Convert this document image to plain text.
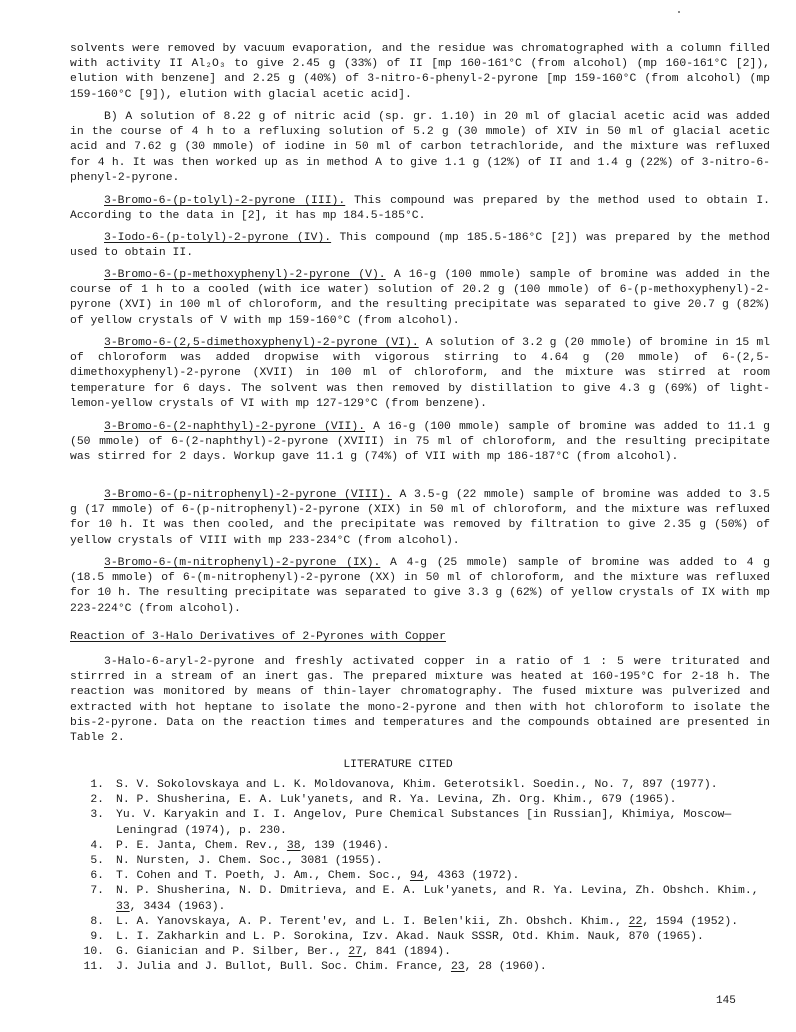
solvents were removed by vacuum evaporation, and the residue was chromatographed with a column filled with activity II Al₂O₃ to give 2.45 g (33%) of II [mp 160-161°C (from alcohol) (mp 160-161°C [2]), elution with benzene] and 2.25 g (40%) of 3-nitro-6-phenyl-2-pyrone [mp 159-160°C (from alcohol) (mp 159-160°C [9]), elution with glacial acetic acid].

B) A solution of 8.22 g of nitric acid (sp. gr. 1.10) in 20 ml of glacial acetic acid was added in the course of 4 h to a refluxing solution of 5.2 g (30 mmole) of XIV in 50 ml of glacial acetic acid and 7.62 g (30 mmole) of iodine in 50 ml of carbon tetrachloride, and the mixture was refluxed for 4 h. It was then worked up as in method A to give 1.1 g (12%) of II and 1.4 g (22%) of 3-nitro-6-phenyl-2-pyrone.

3-Bromo-6-(p-tolyl)-2-pyrone (III). This compound was prepared by the method used to obtain I. According to the data in [2], it has mp 184.5-185°C.

3-Iodo-6-(p-tolyl)-2-pyrone (IV). This compound (mp 185.5-186°C [2]) was prepared by the method used to obtain II.

3-Bromo-6-(p-methoxyphenyl)-2-pyrone (V). A 16-g (100 mmole) sample of bromine was added in the course of 1 h to a cooled (with ice water) solution of 20.2 g (100 mmole) of 6-(p-methoxyphenyl)-2-pyrone (XVI) in 100 ml of chloroform, and the resulting precipitate was separated to give 20.7 g (82%) of yellow crystals of V with mp 159-160°C (from alcohol).

3-Bromo-6-(2,5-dimethoxyphenyl)-2-pyrone (VI). A solution of 3.2 g (20 mmole) of bromine in 15 ml of chloroform was added dropwise with vigorous stirring to 4.64 g (20 mmole) of 6-(2,5-dimethoxyphenyl)-2-pyrone (XVII) in 100 ml of chloroform, and the mixture was stirred at room temperature for 6 days. The solvent was then removed by distillation to give 4.3 g (69%) of light-lemon-yellow crystals of VI with mp 127-129°C (from benzene).

3-Bromo-6-(2-naphthyl)-2-pyrone (VII). A 16-g (100 mmole) sample of bromine was added to 11.1 g (50 mmole) of 6-(2-naphthyl)-2-pyrone (XVIII) in 75 ml of chloroform, and the resulting precipitate was stirred for 2 days. Workup gave 11.1 g (74%) of VII with mp 186-187°C (from alcohol).

3-Bromo-6-(p-nitrophenyl)-2-pyrone (VIII). A 3.5-g (22 mmole) sample of bromine was added to 3.5 g (17 mmole) of 6-(p-nitrophenyl)-2-pyrone (XIX) in 50 ml of chloroform, and the mixture was refluxed for 10 h. It was then cooled, and the precipitate was removed by filtration to give 2.35 g (50%) of yellow crystals of VIII with mp 233-234°C (from alcohol).

3-Bromo-6-(m-nitrophenyl)-2-pyrone (IX). A 4-g (25 mmole) sample of bromine was added to 4 g (18.5 mmole) of 6-(m-nitrophenyl)-2-pyrone (XX) in 50 ml of chloroform, and the mixture was refluxed for 10 h. The resulting precipitate was separated to give 3.3 g (62%) of yellow crystals of IX with mp 223-224°C (from alcohol).

Reaction of 3-Halo Derivatives of 2-Pyrones with Copper

3-Halo-6-aryl-2-pyrone and freshly activated copper in a ratio of 1 : 5 were triturated and stirrred in a stream of an inert gas. The prepared mixture was heated at 160-195°C for 2-18 h. The reaction was monitored by means of thin-layer chromatography. The fused mixture was pulverized and extracted with hot heptane to isolate the mono-2-pyrone and then with hot chloroform to isolate the bis-2-pyrone. Data on the reaction times and temperatures and the compounds obtained are presented in Table 2.

LITERATURE CITED
1.	S. V. Sokolovskaya and L. K. Moldovanova, Khim. Geterotsikl. Soedin., No. 7, 897 (1977).
2.	N. P. Shusherina, E. A. Luk'yanets, and R. Ya. Levina, Zh. Org. Khim., 679 (1965).
3.	Yu. V. Karyakin and I. I. Angelov, Pure Chemical Substances [in Russian], Khimiya, Moscow—Leningrad (1974), p. 230.
4.	P. E. Janta, Chem. Rev., 38, 139 (1946).
5.	N. Nursten, J. Chem. Soc., 3081 (1955).
6.	T. Cohen and T. Poeth, J. Am., Chem. Soc., 94, 4363 (1972).
7.	N. P. Shusherina, N. D. Dmitrieva, and E. A. Luk'yanets, and R. Ya. Levina, Zh. Obshch. Khim., 33, 3434 (1963).
8.	L. A. Yanovskaya, A. P. Terent'ev, and L. I. Belen'kii, Zh. Obshch. Khim., 22, 1594 (1952).
9.	L. I. Zakharkin and L. P. Sorokina, Izv. Akad. Nauk SSSR, Otd. Khim. Nauk, 870 (1965).
10.	G. Gianician and P. Silber, Ber., 27, 841 (1894).
11.	J. Julia and J. Bullot, Bull. Soc. Chim. France, 23, 28 (1960).
145
